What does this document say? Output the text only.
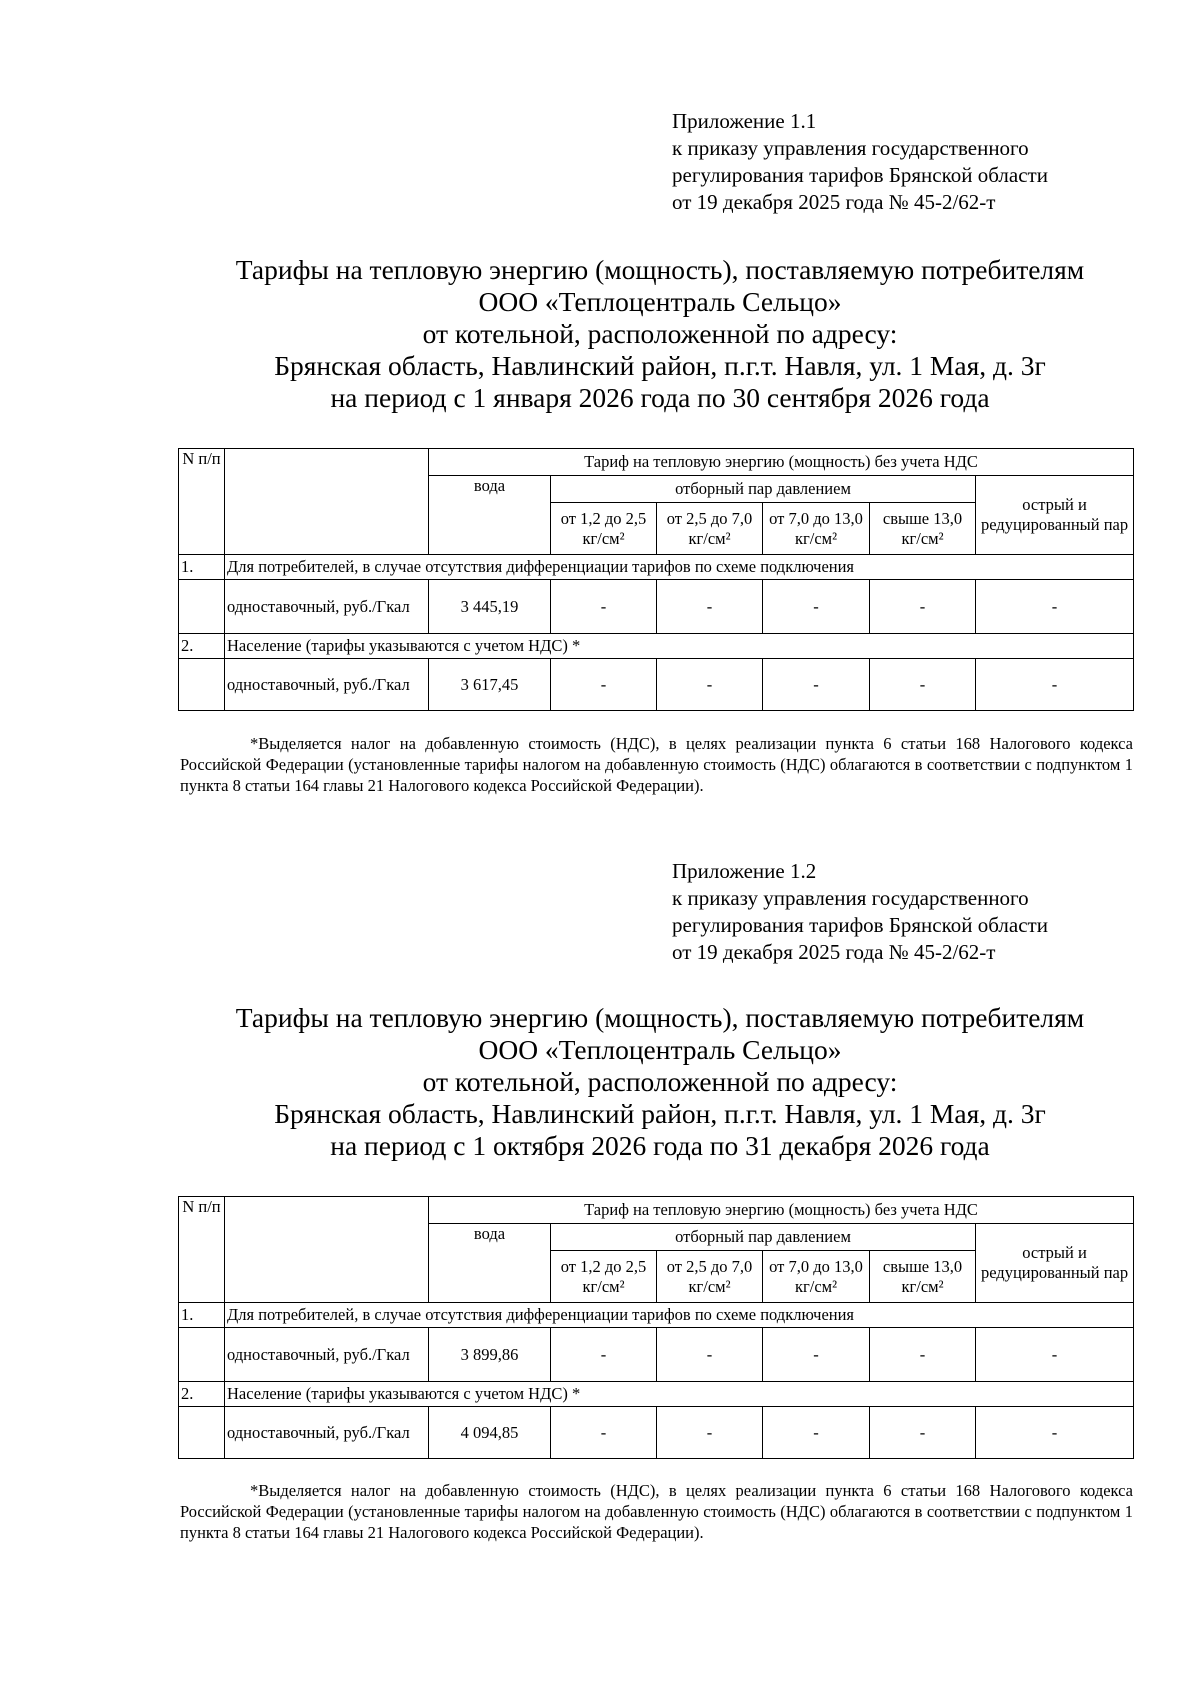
Приложение 1.1
к приказу управления государственного
регулирования тарифов Брянской области
от 19 декабря 2025 года № 45-2/62-т
Тарифы на тепловую энергию (мощность), поставляемую потребителям
ООО «Теплоцентраль Сельцо»
от котельной, расположенной по адресу:
Брянская область, Навлинский район, п.г.т. Навля, ул. 1 Мая, д. 3г
на период с 1 января 2026 года по 30 сентября 2026 года
N п/п		Тариф на тепловую энергию (мощность) без учета НДС					
		вода	отборный пар давлением				острый и редуцированный пар
			от 1,2 до 2,5 кг/см²	от 2,5 до 7,0 кг/см²	от 7,0 до 13,0 кг/см²	свыше 13,0 кг/см²	
1.	Для потребителей, в случае отсутствия дифференциации тарифов по схеме подключения						
	одноставочный, руб./Гкал	3 445,19	-	-	-	-	-
2.	Население (тарифы указываются с учетом НДС) *						
	одноставочный, руб./Гкал	3 617,45	-	-	-	-	-
*Выделяется налог на добавленную стоимость (НДС), в целях реализации пункта 6 статьи 168 Налогового кодекса Российской Федерации (установленные тарифы налогом на добавленную стоимость (НДС) облагаются в соответствии с подпунктом 1 пункта 8 статьи 164 главы 21 Налогового кодекса Российской Федерации).
Приложение 1.2
к приказу управления государственного
регулирования тарифов Брянской области
от 19 декабря 2025 года № 45-2/62-т
Тарифы на тепловую энергию (мощность), поставляемую потребителям
ООО «Теплоцентраль Сельцо»
от котельной, расположенной по адресу:
Брянская область, Навлинский район, п.г.т. Навля, ул. 1 Мая, д. 3г
на период с 1 октября 2026 года по 31 декабря 2026 года
N п/п		Тариф на тепловую энергию (мощность) без учета НДС					
		вода	отборный пар давлением				острый и редуцированный пар
			от 1,2 до 2,5 кг/см²	от 2,5 до 7,0 кг/см²	от 7,0 до 13,0 кг/см²	свыше 13,0 кг/см²	
1.	Для потребителей, в случае отсутствия дифференциации тарифов по схеме подключения						
	одноставочный, руб./Гкал	3 899,86	-	-	-	-	-
2.	Население (тарифы указываются с учетом НДС) *						
	одноставочный, руб./Гкал	4 094,85	-	-	-	-	-
*Выделяется налог на добавленную стоимость (НДС), в целях реализации пункта 6 статьи 168 Налогового кодекса Российской Федерации (установленные тарифы налогом на добавленную стоимость (НДС) облагаются в соответствии с подпунктом 1 пункта 8 статьи 164 главы 21 Налогового кодекса Российской Федерации).
